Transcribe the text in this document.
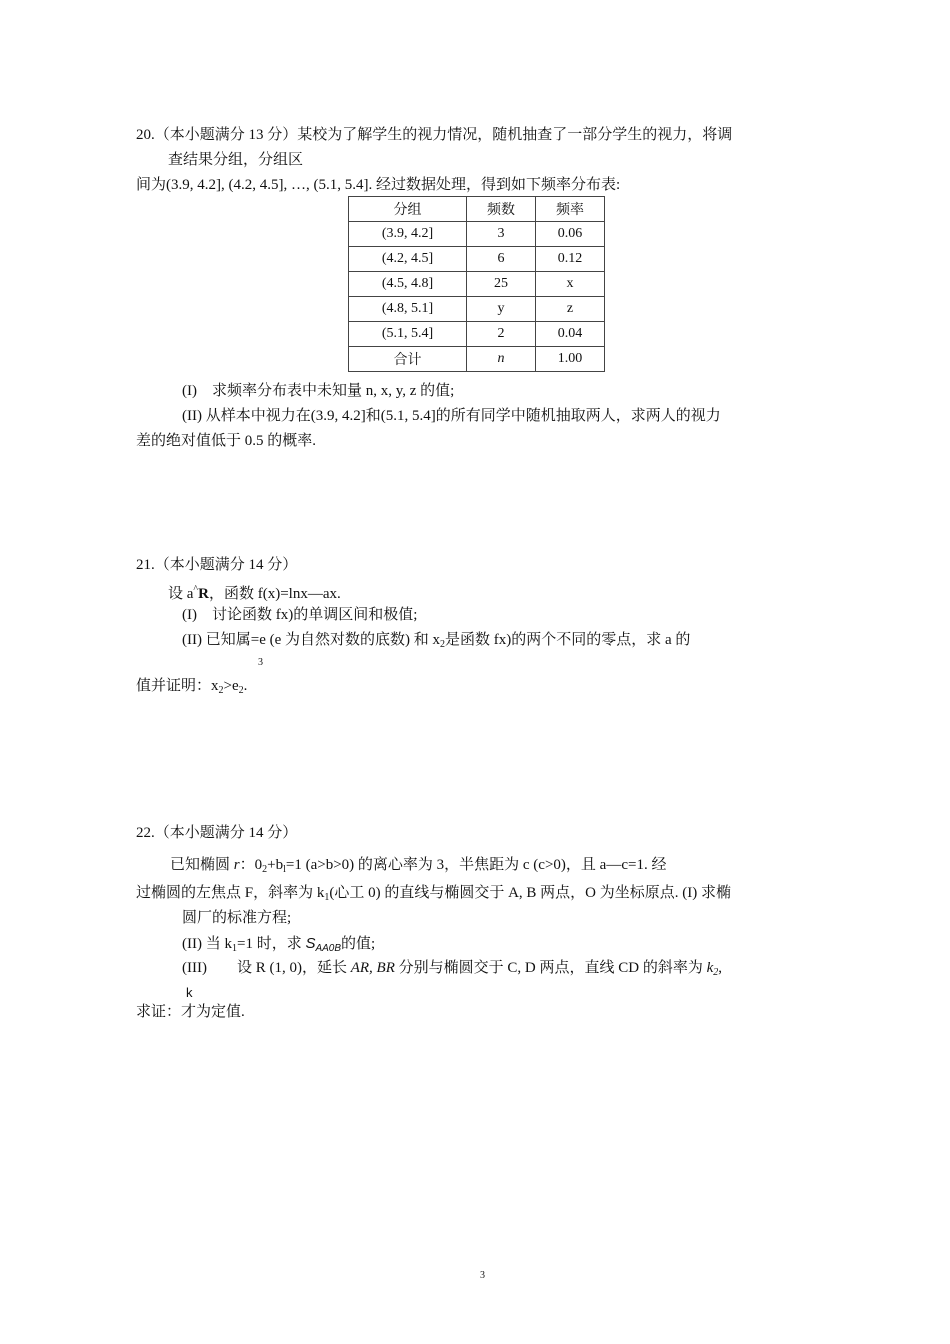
20.（本小题满分 13 分）某校为了解学生的视力情况，随机抽查了一部分学生的视力，将调
查结果分组，分组区
间为(3.9, 4.2], (4.2, 4.5], …, (5.1, 5.4]. 经过数据处理，得到如下频率分布表:
分组	频数	频率
(3.9, 4.2]	3	0.06
(4.2, 4.5]	6	0.12
(4.5, 4.8]	25	x
(4.8, 5.1]	y	z
(5.1, 5.4]	2	0.04
合计	n	1.00
(I)　求频率分布表中未知量 n, x, y, z 的值;
(II) 从样本中视力在(3.9, 4.2]和(5.1, 5.4]的所有同学中随机抽取两人，求两人的视力
差的绝对值低于 0.5 的概率.
21.（本小题满分 14 分）
设 a^R，函数 f(x)=lnx—ax.
(I)　讨论函数 fx)的单调区间和极值;
(II) 已知属=e (e 为自然对数的底数) 和 $x_2$是函数 fx)的两个不同的零点，求 a 的
3
值并证明：$x_2>e_2$.
22.（本小题满分 14 分）
已知椭圆 r：$0_2+b_l=1$ (a>b>0) 的离心率为 3，半焦距为 c (c>0)，且 a—c=1. 经
过椭圆的左焦点 F，斜率为 $k_1$(心工 0) 的直线与椭圆交于 A, B 两点，O 为坐标原点. (I) 求椭
圆厂的标准方程;
(II) 当 $k_1=1$ 时，求 $S_{AA0B}$的值;
(III)　　设 R (1, 0)，延长 AR, BR 分别与椭圆交于 C, D 两点，直线 CD 的斜率为 $k_2$,
k
求证：才为定值.
3
